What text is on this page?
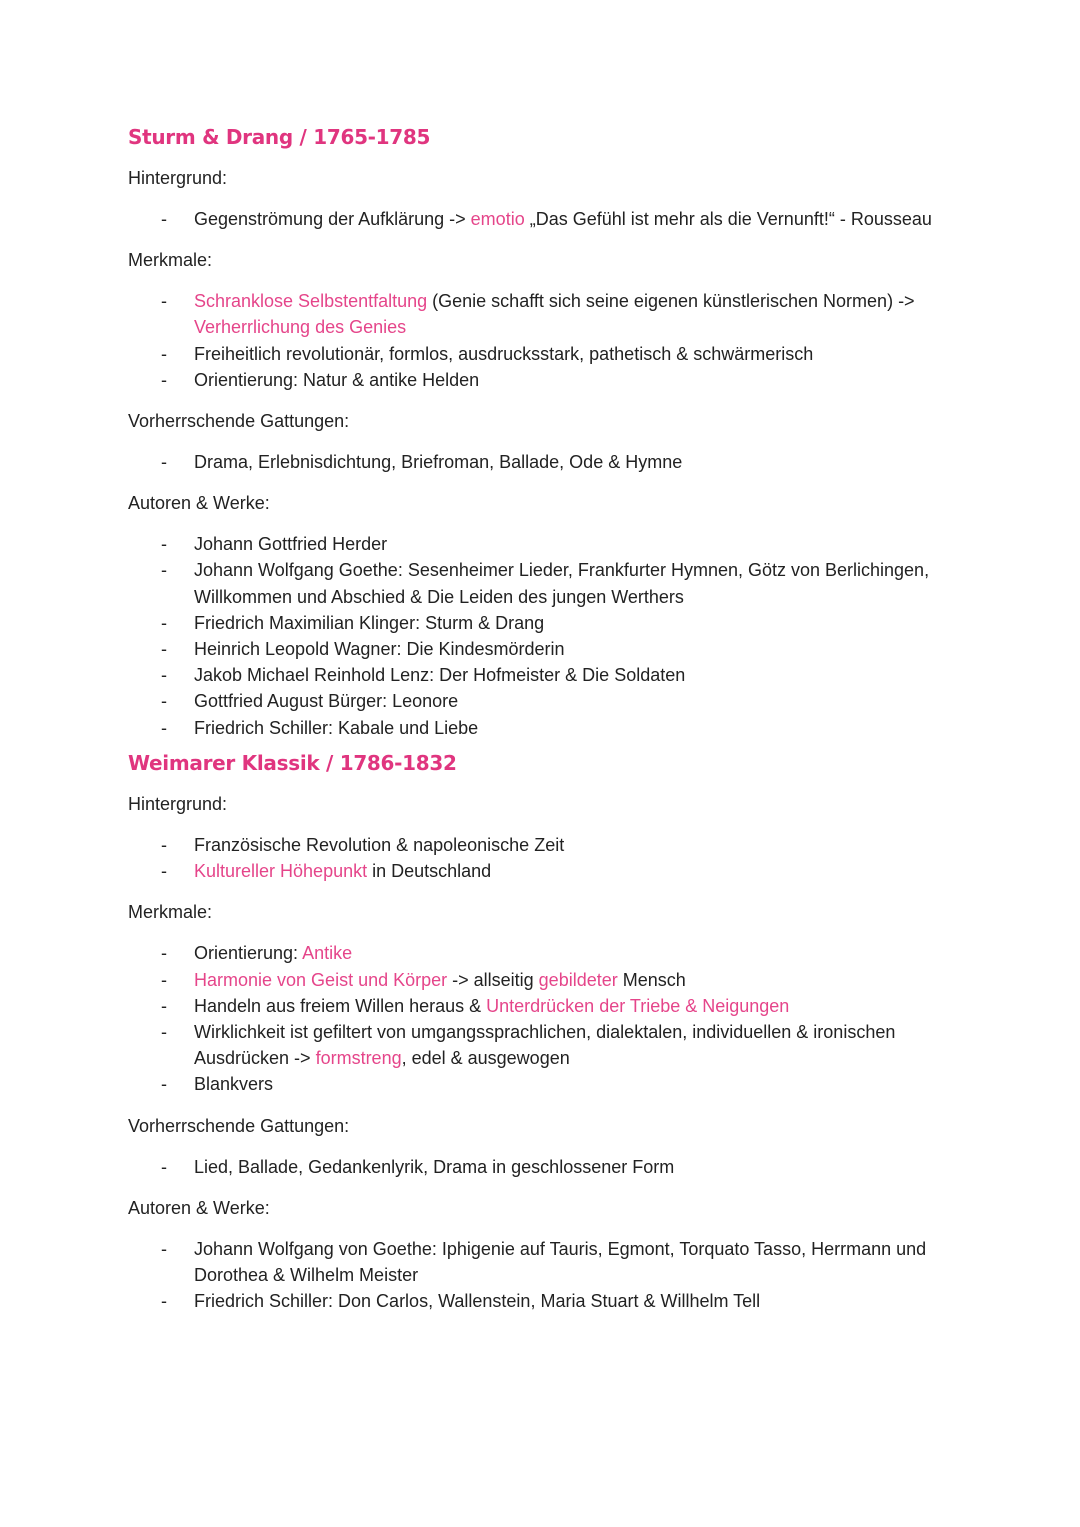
Sturm & Drang / 1765-1785
Hintergrund:
- Gegenströmung der Aufklärung -> emotio „Das Gefühl ist mehr als die Vernunft!“ - Rousseau
Merkmale:
- Schranklose Selbstentfaltung (Genie schafft sich seine eigenen künstlerischen Normen) -> Verherrlichung des Genies
- Freiheitlich revolutionär, formlos, ausdrucksstark, pathetisch & schwärmerisch
- Orientierung: Natur & antike Helden
Vorherrschende Gattungen:
- Drama, Erlebnisdichtung, Briefroman, Ballade, Ode & Hymne
Autoren & Werke:
- Johann Gottfried Herder
- Johann Wolfgang Goethe: Sesenheimer Lieder, Frankfurter Hymnen, Götz von Berlichingen, Willkommen und Abschied & Die Leiden des jungen Werthers
- Friedrich Maximilian Klinger: Sturm & Drang
- Heinrich Leopold Wagner: Die Kindesmörderin
- Jakob Michael Reinhold Lenz: Der Hofmeister & Die Soldaten
- Gottfried August Bürger: Leonore
- Friedrich Schiller: Kabale und Liebe
Weimarer Klassik / 1786-1832
Hintergrund:
- Französische Revolution & napoleonische Zeit
- Kultureller Höhepunkt in Deutschland
Merkmale:
- Orientierung: Antike
- Harmonie von Geist und Körper -> allseitig gebildeter Mensch
- Handeln aus freiem Willen heraus & Unterdrücken der Triebe & Neigungen
- Wirklichkeit ist gefiltert von umgangssprachlichen, dialektalen, individuellen & ironischen Ausdrücken -> formstreng, edel & ausgewogen
- Blankvers
Vorherrschende Gattungen:
- Lied, Ballade, Gedankenlyrik, Drama in geschlossener Form
Autoren & Werke:
- Johann Wolfgang von Goethe: Iphigenie auf Tauris, Egmont, Torquato Tasso, Herrmann und Dorothea & Wilhelm Meister
- Friedrich Schiller: Don Carlos, Wallenstein, Maria Stuart & Willhelm Tell
